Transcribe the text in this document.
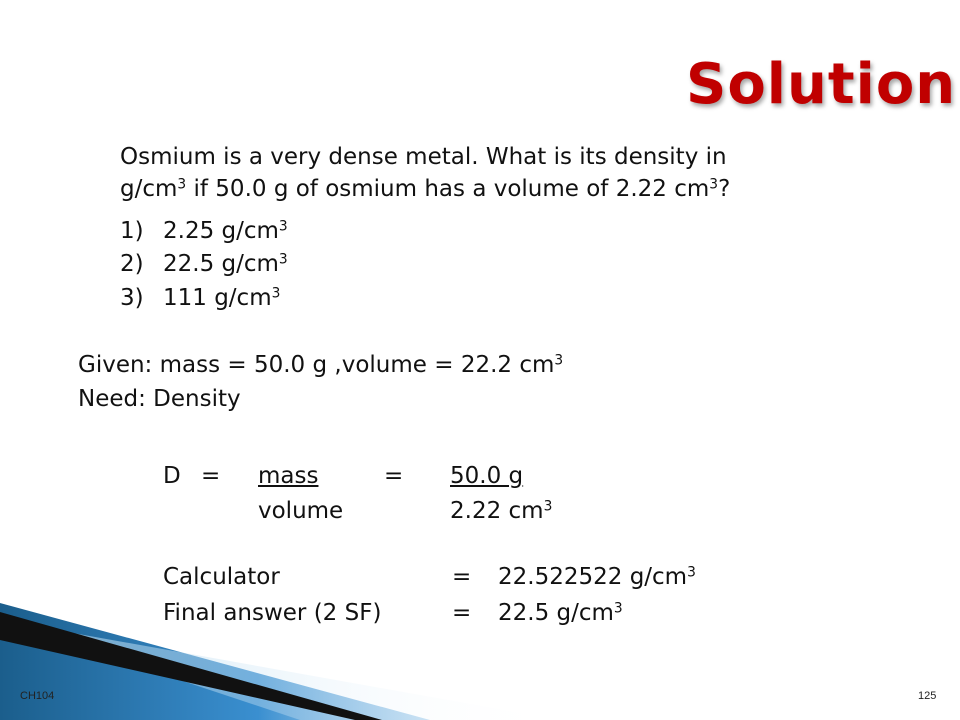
Solution
Osmium is a very dense metal. What is its density in
$g/cm^3$ if 50.0 g of osmium has a volume of 2.22 $cm^3$?
1) 2.25 $g/cm^3$
2) 22.5 $g/cm^3$
3) 111 $g/cm^3$
Given: mass = 50.0 g ,volume = 22.2 $cm^3$
Need: Density
D = mass	= 50.0 g
volume	2.22 $cm^3$
Calculator	= 22.522522 $g/cm^3$
Final answer (2 SF)	= 22.5 $g/cm^3$
CH104	125
